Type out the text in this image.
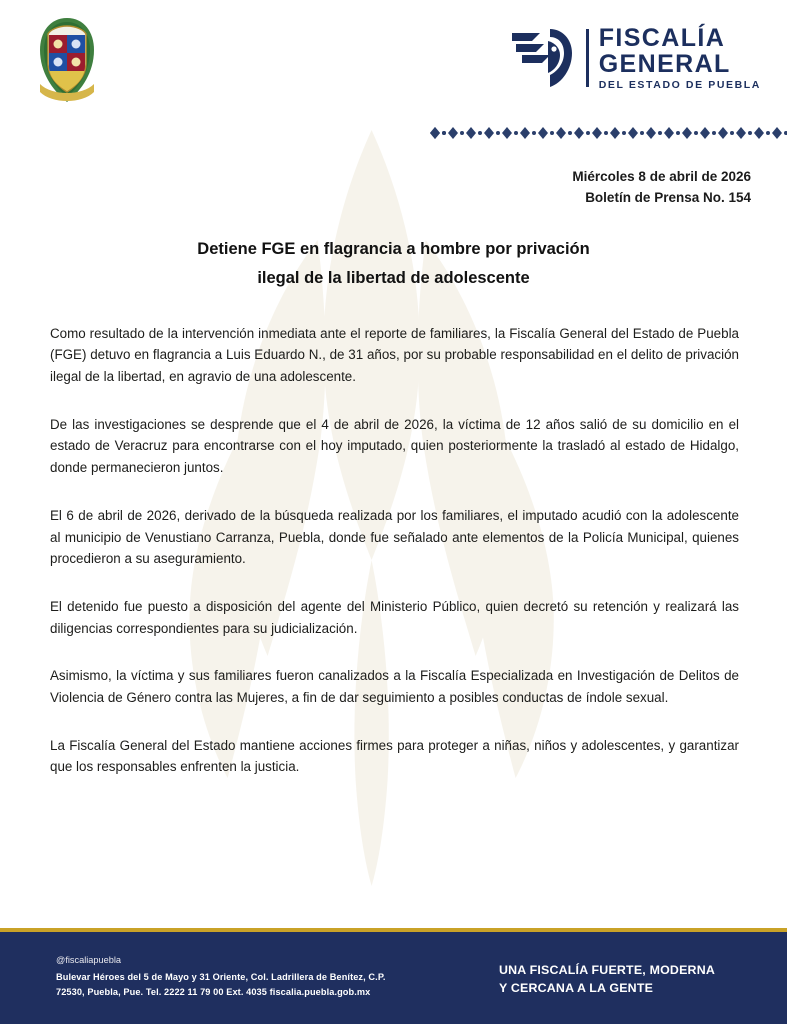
FISCALÍA
GENERAL
DEL ESTADO DE PUEBLA
Miércoles 8 de abril de 2026
Boletín de Prensa No. 154
Detiene FGE en flagrancia a hombre por privación
ilegal de la libertad de adolescente

Como resultado de la intervención inmediata ante el reporte de familiares, la Fiscalía General del Estado de Puebla (FGE) detuvo en flagrancia a Luis Eduardo N., de 31 años, por su probable responsabilidad en el delito de privación ilegal de la libertad, en agravio de una adolescente.

De las investigaciones se desprende que el 4 de abril de 2026, la víctima de 12 años salió de su domicilio en el estado de Veracruz para encontrarse con el hoy imputado, quien posteriormente la trasladó al estado de Hidalgo, donde permanecieron juntos.

El 6 de abril de 2026, derivado de la búsqueda realizada por los familiares, el imputado acudió con la adolescente al municipio de Venustiano Carranza, Puebla, donde fue señalado ante elementos de la Policía Municipal, quienes procedieron a su aseguramiento.

El detenido fue puesto a disposición del agente del Ministerio Público, quien decretó su retención y realizará las diligencias correspondientes para su judicialización.

Asimismo, la víctima y sus familiares fueron canalizados a la Fiscalía Especializada en Investigación de Delitos de Violencia de Género contra las Mujeres, a fin de dar seguimiento a posibles conductas de índole sexual.

La Fiscalía General del Estado mantiene acciones firmes para proteger a niñas, niños y adolescentes, y garantizar que los responsables enfrenten la justicia.

@fiscaliapuebla
Bulevar Héroes del 5 de Mayo y 31 Oriente, Col. Ladrillera de Benítez, C.P.
72530, Puebla, Pue. Tel. 2222 11 79 00 Ext. 4035 fiscalia.puebla.gob.mx
UNA FISCALÍA FUERTE, MODERNA
Y CERCANA A LA GENTE
